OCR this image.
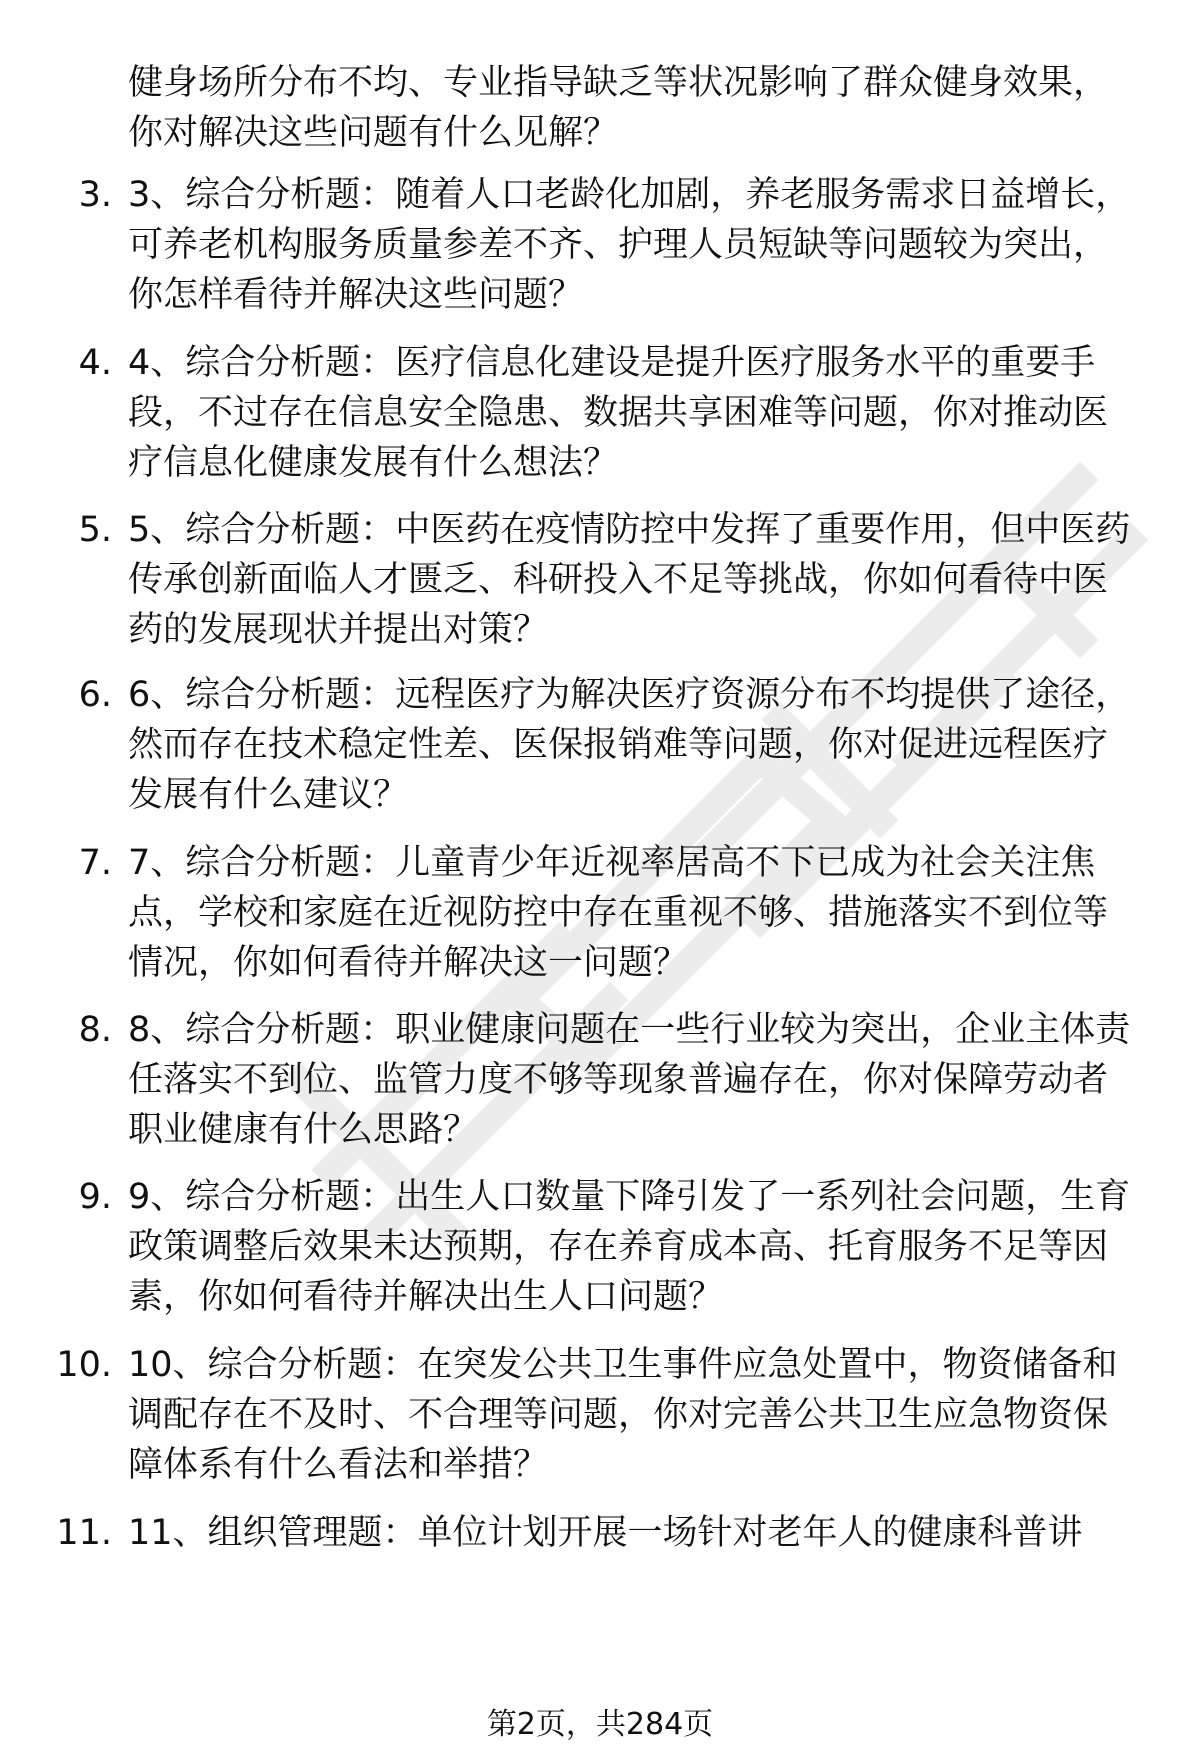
健身场所分布不均、专业指导缺乏等状况影响了群众健身效果，
你对解决这些问题有什么见解？
3. 3、综合分析题：随着人口老龄化加剧，养老服务需求日益增长，
可养老机构服务质量参差不齐、护理人员短缺等问题较为突出，
你怎样看待并解决这些问题？
4. 4、综合分析题：医疗信息化建设是提升医疗服务水平的重要手
段，不过存在信息安全隐患、数据共享困难等问题，你对推动医
疗信息化健康发展有什么想法？
5. 5、综合分析题：中医药在疫情防控中发挥了重要作用，但中医药
传承创新面临人才匮乏、科研投入不足等挑战，你如何看待中医
药的发展现状并提出对策？
6. 6、综合分析题：远程医疗为解决医疗资源分布不均提供了途径，
然而存在技术稳定性差、医保报销难等问题，你对促进远程医疗
发展有什么建议？
7. 7、综合分析题：儿童青少年近视率居高不下已成为社会关注焦
点，学校和家庭在近视防控中存在重视不够、措施落实不到位等
情况，你如何看待并解决这一问题？
8. 8、综合分析题：职业健康问题在一些行业较为突出，企业主体责
任落实不到位、监管力度不够等现象普遍存在，你对保障劳动者
职业健康有什么思路？
9. 9、综合分析题：出生人口数量下降引发了一系列社会问题，生育
政策调整后效果未达预期，存在养育成本高、托育服务不足等因
素，你如何看待并解决出生人口问题？
10. 10、综合分析题：在突发公共卫生事件应急处置中，物资储备和
调配存在不及时、不合理等问题，你对完善公共卫生应急物资保
障体系有什么看法和举措？
11. 11、组织管理题：单位计划开展一场针对老年人的健康科普讲
第2页，共284页
